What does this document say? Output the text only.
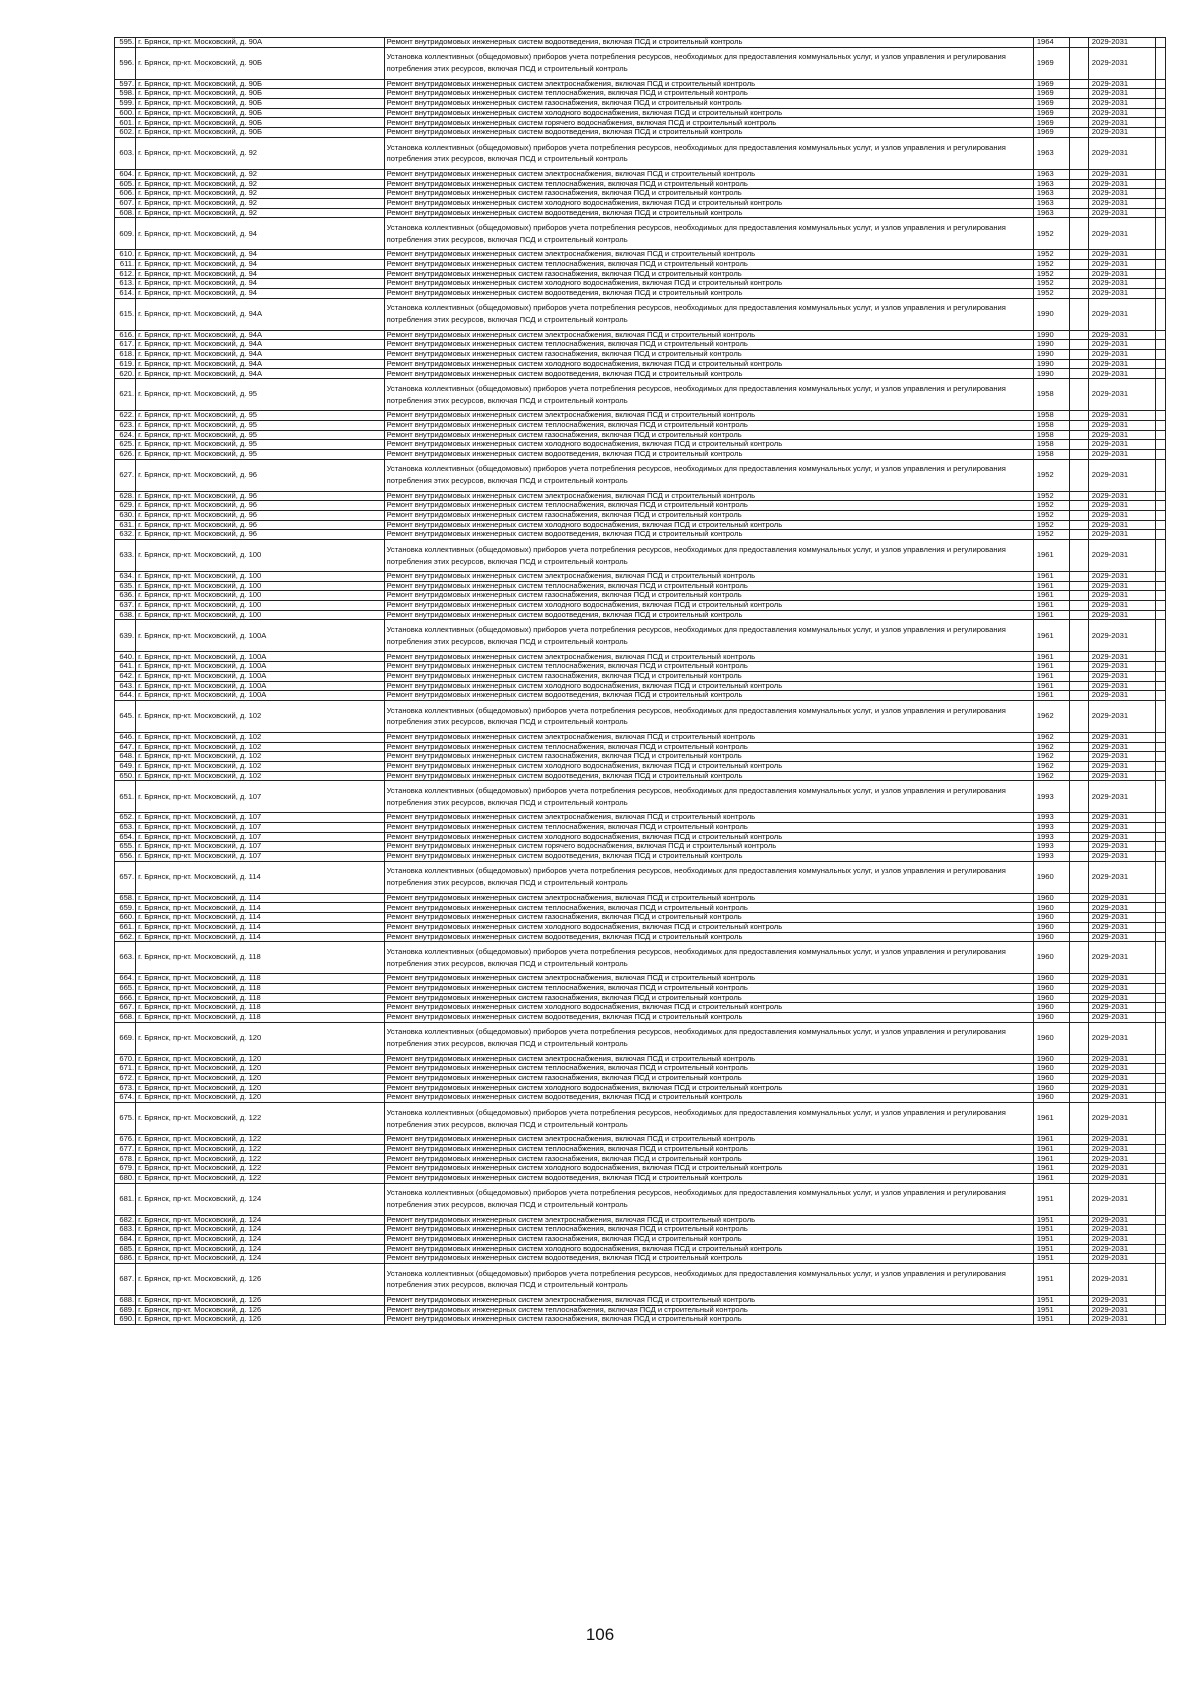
595.	г. Брянск, пр-кт. Московский, д. 90А	Ремонт внутридомовых инженерных систем водоотведения, включая ПСД и строительный контроль	1964		2029-2031	
596.	г. Брянск, пр-кт. Московский, д. 90Б	Установка коллективных (общедомовых) приборов учета потребления ресурсов, необходимых для предоставления коммунальных услуг, и узлов управления и регулирования потребления этих ресурсов, включая ПСД и строительный контроль	1969		2029-2031	
597.	г. Брянск, пр-кт. Московский, д. 90Б	Ремонт внутридомовых инженерных систем электроснабжения, включая ПСД и строительный контроль	1969		2029-2031	
598.	г. Брянск, пр-кт. Московский, д. 90Б	Ремонт внутридомовых инженерных систем теплоснабжения, включая ПСД и строительный контроль	1969		2029-2031	
599.	г. Брянск, пр-кт. Московский, д. 90Б	Ремонт внутридомовых инженерных систем газоснабжения, включая ПСД и строительный контроль	1969		2029-2031	
600.	г. Брянск, пр-кт. Московский, д. 90Б	Ремонт внутридомовых инженерных систем холодного водоснабжения, включая ПСД и строительный контроль	1969		2029-2031	
601.	г. Брянск, пр-кт. Московский, д. 90Б	Ремонт внутридомовых инженерных систем горячего водоснабжения, включая ПСД и строительный контроль	1969		2029-2031	
602.	г. Брянск, пр-кт. Московский, д. 90Б	Ремонт внутридомовых инженерных систем водоотведения, включая ПСД и строительный контроль	1969		2029-2031	
603.	г. Брянск, пр-кт. Московский, д. 92	Установка коллективных (общедомовых) приборов учета потребления ресурсов, необходимых для предоставления коммунальных услуг, и узлов управления и регулирования потребления этих ресурсов, включая ПСД и строительный контроль	1963		2029-2031	
604.	г. Брянск, пр-кт. Московский, д. 92	Ремонт внутридомовых инженерных систем электроснабжения, включая ПСД и строительный контроль	1963		2029-2031	
605.	г. Брянск, пр-кт. Московский, д. 92	Ремонт внутридомовых инженерных систем теплоснабжения, включая ПСД и строительный контроль	1963		2029-2031	
606.	г. Брянск, пр-кт. Московский, д. 92	Ремонт внутридомовых инженерных систем газоснабжения, включая ПСД и строительный контроль	1963		2029-2031	
607.	г. Брянск, пр-кт. Московский, д. 92	Ремонт внутридомовых инженерных систем холодного водоснабжения, включая ПСД и строительный контроль	1963		2029-2031	
608.	г. Брянск, пр-кт. Московский, д. 92	Ремонт внутридомовых инженерных систем водоотведения, включая ПСД и строительный контроль	1963		2029-2031	
609.	г. Брянск, пр-кт. Московский, д. 94	Установка коллективных (общедомовых) приборов учета потребления ресурсов, необходимых для предоставления коммунальных услуг, и узлов управления и регулирования потребления этих ресурсов, включая ПСД и строительный контроль	1952		2029-2031	
610.	г. Брянск, пр-кт. Московский, д. 94	Ремонт внутридомовых инженерных систем электроснабжения, включая ПСД и строительный контроль	1952		2029-2031	
611.	г. Брянск, пр-кт. Московский, д. 94	Ремонт внутридомовых инженерных систем теплоснабжения, включая ПСД и строительный контроль	1952		2029-2031	
612.	г. Брянск, пр-кт. Московский, д. 94	Ремонт внутридомовых инженерных систем газоснабжения, включая ПСД и строительный контроль	1952		2029-2031	
613.	г. Брянск, пр-кт. Московский, д. 94	Ремонт внутридомовых инженерных систем холодного водоснабжения, включая ПСД и строительный контроль	1952		2029-2031	
614.	г. Брянск, пр-кт. Московский, д. 94	Ремонт внутридомовых инженерных систем водоотведения, включая ПСД и строительный контроль	1952		2029-2031	
615.	г. Брянск, пр-кт. Московский, д. 94А	Установка коллективных (общедомовых) приборов учета потребления ресурсов, необходимых для предоставления коммунальных услуг, и узлов управления и регулирования потребления этих ресурсов, включая ПСД и строительный контроль	1990		2029-2031	
616.	г. Брянск, пр-кт. Московский, д. 94А	Ремонт внутридомовых инженерных систем электроснабжения, включая ПСД и строительный контроль	1990		2029-2031	
617.	г. Брянск, пр-кт. Московский, д. 94А	Ремонт внутридомовых инженерных систем теплоснабжения, включая ПСД и строительный контроль	1990		2029-2031	
618.	г. Брянск, пр-кт. Московский, д. 94А	Ремонт внутридомовых инженерных систем газоснабжения, включая ПСД и строительный контроль	1990		2029-2031	
619.	г. Брянск, пр-кт. Московский, д. 94А	Ремонт внутридомовых инженерных систем холодного водоснабжения, включая ПСД и строительный контроль	1990		2029-2031	
620.	г. Брянск, пр-кт. Московский, д. 94А	Ремонт внутридомовых инженерных систем водоотведения, включая ПСД и строительный контроль	1990		2029-2031	
621.	г. Брянск, пр-кт. Московский, д. 95	Установка коллективных (общедомовых) приборов учета потребления ресурсов, необходимых для предоставления коммунальных услуг, и узлов управления и регулирования потребления этих ресурсов, включая ПСД и строительный контроль	1958		2029-2031	
622.	г. Брянск, пр-кт. Московский, д. 95	Ремонт внутридомовых инженерных систем электроснабжения, включая ПСД и строительный контроль	1958		2029-2031	
623.	г. Брянск, пр-кт. Московский, д. 95	Ремонт внутридомовых инженерных систем теплоснабжения, включая ПСД и строительный контроль	1958		2029-2031	
624.	г. Брянск, пр-кт. Московский, д. 95	Ремонт внутридомовых инженерных систем газоснабжения, включая ПСД и строительный контроль	1958		2029-2031	
625.	г. Брянск, пр-кт. Московский, д. 95	Ремонт внутридомовых инженерных систем холодного водоснабжения, включая ПСД и строительный контроль	1958		2029-2031	
626.	г. Брянск, пр-кт. Московский, д. 95	Ремонт внутридомовых инженерных систем водоотведения, включая ПСД и строительный контроль	1958		2029-2031	
627.	г. Брянск, пр-кт. Московский, д. 96	Установка коллективных (общедомовых) приборов учета потребления ресурсов, необходимых для предоставления коммунальных услуг, и узлов управления и регулирования потребления этих ресурсов, включая ПСД и строительный контроль	1952		2029-2031	
628.	г. Брянск, пр-кт. Московский, д. 96	Ремонт внутридомовых инженерных систем электроснабжения, включая ПСД и строительный контроль	1952		2029-2031	
629.	г. Брянск, пр-кт. Московский, д. 96	Ремонт внутридомовых инженерных систем теплоснабжения, включая ПСД и строительный контроль	1952		2029-2031	
630.	г. Брянск, пр-кт. Московский, д. 96	Ремонт внутридомовых инженерных систем газоснабжения, включая ПСД и строительный контроль	1952		2029-2031	
631.	г. Брянск, пр-кт. Московский, д. 96	Ремонт внутридомовых инженерных систем холодного водоснабжения, включая ПСД и строительный контроль	1952		2029-2031	
632.	г. Брянск, пр-кт. Московский, д. 96	Ремонт внутридомовых инженерных систем водоотведения, включая ПСД и строительный контроль	1952		2029-2031	
633.	г. Брянск, пр-кт. Московский, д. 100	Установка коллективных (общедомовых) приборов учета потребления ресурсов, необходимых для предоставления коммунальных услуг, и узлов управления и регулирования потребления этих ресурсов, включая ПСД и строительный контроль	1961		2029-2031	
634.	г. Брянск, пр-кт. Московский, д. 100	Ремонт внутридомовых инженерных систем электроснабжения, включая ПСД и строительный контроль	1961		2029-2031	
635.	г. Брянск, пр-кт. Московский, д. 100	Ремонт внутридомовых инженерных систем теплоснабжения, включая ПСД и строительный контроль	1961		2029-2031	
636.	г. Брянск, пр-кт. Московский, д. 100	Ремонт внутридомовых инженерных систем газоснабжения, включая ПСД и строительный контроль	1961		2029-2031	
637.	г. Брянск, пр-кт. Московский, д. 100	Ремонт внутридомовых инженерных систем холодного водоснабжения, включая ПСД и строительный контроль	1961		2029-2031	
638.	г. Брянск, пр-кт. Московский, д. 100	Ремонт внутридомовых инженерных систем водоотведения, включая ПСД и строительный контроль	1961		2029-2031	
639.	г. Брянск, пр-кт. Московский, д. 100А	Установка коллективных (общедомовых) приборов учета потребления ресурсов, необходимых для предоставления коммунальных услуг, и узлов управления и регулирования потребления этих ресурсов, включая ПСД и строительный контроль	1961		2029-2031	
640.	г. Брянск, пр-кт. Московский, д. 100А	Ремонт внутридомовых инженерных систем электроснабжения, включая ПСД и строительный контроль	1961		2029-2031	
641.	г. Брянск, пр-кт. Московский, д. 100А	Ремонт внутридомовых инженерных систем теплоснабжения, включая ПСД и строительный контроль	1961		2029-2031	
642.	г. Брянск, пр-кт. Московский, д. 100А	Ремонт внутридомовых инженерных систем газоснабжения, включая ПСД и строительный контроль	1961		2029-2031	
643.	г. Брянск, пр-кт. Московский, д. 100А	Ремонт внутридомовых инженерных систем холодного водоснабжения, включая ПСД и строительный контроль	1961		2029-2031	
644.	г. Брянск, пр-кт. Московский, д. 100А	Ремонт внутридомовых инженерных систем водоотведения, включая ПСД и строительный контроль	1961		2029-2031	
645.	г. Брянск, пр-кт. Московский, д. 102	Установка коллективных (общедомовых) приборов учета потребления ресурсов, необходимых для предоставления коммунальных услуг, и узлов управления и регулирования потребления этих ресурсов, включая ПСД и строительный контроль	1962		2029-2031	
646.	г. Брянск, пр-кт. Московский, д. 102	Ремонт внутридомовых инженерных систем электроснабжения, включая ПСД и строительный контроль	1962		2029-2031	
647.	г. Брянск, пр-кт. Московский, д. 102	Ремонт внутридомовых инженерных систем теплоснабжения, включая ПСД и строительный контроль	1962		2029-2031	
648.	г. Брянск, пр-кт. Московский, д. 102	Ремонт внутридомовых инженерных систем газоснабжения, включая ПСД и строительный контроль	1962		2029-2031	
649.	г. Брянск, пр-кт. Московский, д. 102	Ремонт внутридомовых инженерных систем холодного водоснабжения, включая ПСД и строительный контроль	1962		2029-2031	
650.	г. Брянск, пр-кт. Московский, д. 102	Ремонт внутридомовых инженерных систем водоотведения, включая ПСД и строительный контроль	1962		2029-2031	
651.	г. Брянск, пр-кт. Московский, д. 107	Установка коллективных (общедомовых) приборов учета потребления ресурсов, необходимых для предоставления коммунальных услуг, и узлов управления и регулирования потребления этих ресурсов, включая ПСД и строительный контроль	1993		2029-2031	
652.	г. Брянск, пр-кт. Московский, д. 107	Ремонт внутридомовых инженерных систем электроснабжения, включая ПСД и строительный контроль	1993		2029-2031	
653.	г. Брянск, пр-кт. Московский, д. 107	Ремонт внутридомовых инженерных систем теплоснабжения, включая ПСД и строительный контроль	1993		2029-2031	
654.	г. Брянск, пр-кт. Московский, д. 107	Ремонт внутридомовых инженерных систем холодного водоснабжения, включая ПСД и строительный контроль	1993		2029-2031	
655.	г. Брянск, пр-кт. Московский, д. 107	Ремонт внутридомовых инженерных систем горячего водоснабжения, включая ПСД и строительный контроль	1993		2029-2031	
656.	г. Брянск, пр-кт. Московский, д. 107	Ремонт внутридомовых инженерных систем водоотведения, включая ПСД и строительный контроль	1993		2029-2031	
657.	г. Брянск, пр-кт. Московский, д. 114	Установка коллективных (общедомовых) приборов учета потребления ресурсов, необходимых для предоставления коммунальных услуг, и узлов управления и регулирования потребления этих ресурсов, включая ПСД и строительный контроль	1960		2029-2031	
658.	г. Брянск, пр-кт. Московский, д. 114	Ремонт внутридомовых инженерных систем электроснабжения, включая ПСД и строительный контроль	1960		2029-2031	
659.	г. Брянск, пр-кт. Московский, д. 114	Ремонт внутридомовых инженерных систем теплоснабжения, включая ПСД и строительный контроль	1960		2029-2031	
660.	г. Брянск, пр-кт. Московский, д. 114	Ремонт внутридомовых инженерных систем газоснабжения, включая ПСД и строительный контроль	1960		2029-2031	
661.	г. Брянск, пр-кт. Московский, д. 114	Ремонт внутридомовых инженерных систем холодного водоснабжения, включая ПСД и строительный контроль	1960		2029-2031	
662.	г. Брянск, пр-кт. Московский, д. 114	Ремонт внутридомовых инженерных систем водоотведения, включая ПСД и строительный контроль	1960		2029-2031	
663.	г. Брянск, пр-кт. Московский, д. 118	Установка коллективных (общедомовых) приборов учета потребления ресурсов, необходимых для предоставления коммунальных услуг, и узлов управления и регулирования потребления этих ресурсов, включая ПСД и строительный контроль	1960		2029-2031	
664.	г. Брянск, пр-кт. Московский, д. 118	Ремонт внутридомовых инженерных систем электроснабжения, включая ПСД и строительный контроль	1960		2029-2031	
665.	г. Брянск, пр-кт. Московский, д. 118	Ремонт внутридомовых инженерных систем теплоснабжения, включая ПСД и строительный контроль	1960		2029-2031	
666.	г. Брянск, пр-кт. Московский, д. 118	Ремонт внутридомовых инженерных систем газоснабжения, включая ПСД и строительный контроль	1960		2029-2031	
667.	г. Брянск, пр-кт. Московский, д. 118	Ремонт внутридомовых инженерных систем холодного водоснабжения, включая ПСД и строительный контроль	1960		2029-2031	
668.	г. Брянск, пр-кт. Московский, д. 118	Ремонт внутридомовых инженерных систем водоотведения, включая ПСД и строительный контроль	1960		2029-2031	
669.	г. Брянск, пр-кт. Московский, д. 120	Установка коллективных (общедомовых) приборов учета потребления ресурсов, необходимых для предоставления коммунальных услуг, и узлов управления и регулирования потребления этих ресурсов, включая ПСД и строительный контроль	1960		2029-2031	
670.	г. Брянск, пр-кт. Московский, д. 120	Ремонт внутридомовых инженерных систем электроснабжения, включая ПСД и строительный контроль	1960		2029-2031	
671.	г. Брянск, пр-кт. Московский, д. 120	Ремонт внутридомовых инженерных систем теплоснабжения, включая ПСД и строительный контроль	1960		2029-2031	
672.	г. Брянск, пр-кт. Московский, д. 120	Ремонт внутридомовых инженерных систем газоснабжения, включая ПСД и строительный контроль	1960		2029-2031	
673.	г. Брянск, пр-кт. Московский, д. 120	Ремонт внутридомовых инженерных систем холодного водоснабжения, включая ПСД и строительный контроль	1960		2029-2031	
674.	г. Брянск, пр-кт. Московский, д. 120	Ремонт внутридомовых инженерных систем водоотведения, включая ПСД и строительный контроль	1960		2029-2031	
675.	г. Брянск, пр-кт. Московский, д. 122	Установка коллективных (общедомовых) приборов учета потребления ресурсов, необходимых для предоставления коммунальных услуг, и узлов управления и регулирования потребления этих ресурсов, включая ПСД и строительный контроль	1961		2029-2031	
676.	г. Брянск, пр-кт. Московский, д. 122	Ремонт внутридомовых инженерных систем электроснабжения, включая ПСД и строительный контроль	1961		2029-2031	
677.	г. Брянск, пр-кт. Московский, д. 122	Ремонт внутридомовых инженерных систем теплоснабжения, включая ПСД и строительный контроль	1961		2029-2031	
678.	г. Брянск, пр-кт. Московский, д. 122	Ремонт внутридомовых инженерных систем газоснабжения, включая ПСД и строительный контроль	1961		2029-2031	
679.	г. Брянск, пр-кт. Московский, д. 122	Ремонт внутридомовых инженерных систем холодного водоснабжения, включая ПСД и строительный контроль	1961		2029-2031	
680.	г. Брянск, пр-кт. Московский, д. 122	Ремонт внутридомовых инженерных систем водоотведения, включая ПСД и строительный контроль	1961		2029-2031	
681.	г. Брянск, пр-кт. Московский, д. 124	Установка коллективных (общедомовых) приборов учета потребления ресурсов, необходимых для предоставления коммунальных услуг, и узлов управления и регулирования потребления этих ресурсов, включая ПСД и строительный контроль	1951		2029-2031	
682.	г. Брянск, пр-кт. Московский, д. 124	Ремонт внутридомовых инженерных систем электроснабжения, включая ПСД и строительный контроль	1951		2029-2031	
683.	г. Брянск, пр-кт. Московский, д. 124	Ремонт внутридомовых инженерных систем теплоснабжения, включая ПСД и строительный контроль	1951		2029-2031	
684.	г. Брянск, пр-кт. Московский, д. 124	Ремонт внутридомовых инженерных систем газоснабжения, включая ПСД и строительный контроль	1951		2029-2031	
685.	г. Брянск, пр-кт. Московский, д. 124	Ремонт внутридомовых инженерных систем холодного водоснабжения, включая ПСД и строительный контроль	1951		2029-2031	
686.	г. Брянск, пр-кт. Московский, д. 124	Ремонт внутридомовых инженерных систем водоотведения, включая ПСД и строительный контроль	1951		2029-2031	
687.	г. Брянск, пр-кт. Московский, д. 126	Установка коллективных (общедомовых) приборов учета потребления ресурсов, необходимых для предоставления коммунальных услуг, и узлов управления и регулирования потребления этих ресурсов, включая ПСД и строительный контроль	1951		2029-2031	
688.	г. Брянск, пр-кт. Московский, д. 126	Ремонт внутридомовых инженерных систем электроснабжения, включая ПСД и строительный контроль	1951		2029-2031	
689.	г. Брянск, пр-кт. Московский, д. 126	Ремонт внутридомовых инженерных систем теплоснабжения, включая ПСД и строительный контроль	1951		2029-2031	
690.	г. Брянск, пр-кт. Московский, д. 126	Ремонт внутридомовых инженерных систем газоснабжения, включая ПСД и строительный контроль	1951		2029-2031	
106
